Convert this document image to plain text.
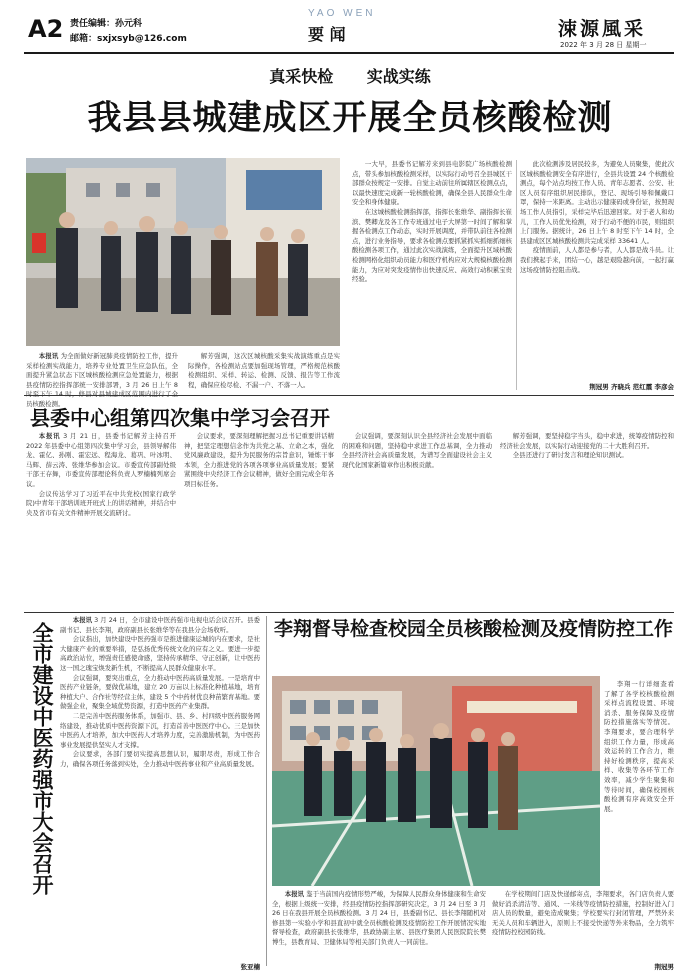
A2 责任编辑：孙元科
邮箱：sxjxsyb@126.com
YAO WEN
要 闻	涑源風采
2022 年 3 月 28 日 星期一
真采快检      实战实练
我县县城建成区开展全员核酸检测

本报讯 为全面做好新冠肺炎疫情防控工作，提升采样检测实战能力，培养专业处置卫生应急队伍，全面提升紧急状态下区城核酸检测应急处置能力，根据县疫情防控指挥部统一安排部署，3 月 26 日上午 8 员核酸检测。

解芳强调，这次区城核酸采集实战演练重点是实际操作，各检测站点要加强现场管理，严格规范核酸检测组织、采样、转运、检测、反馈、报告等工作流程，确保应检尽检、不漏一户、不落一人。

一大早，县委书记解芳来到县电影院广场核酸检测点，带头参加核酸检测采样，以实际行动号召全县城区干部群众按规定一安排。自觉主动前往所属辖区检测点点，以最快速度完成新一轮核酸检测，确保全县人民群众生命安全和身体健康。

在这城核酸检测指挥部，指挥长张维华、副指挥长崔滨、樊卿龙及各工作专班通过电子大屏第一时间了解和掌握各检测点工作动态，实时开展调度，并带队前往各检测点，进行业务指导，要求各检测点要抓紧抓实抓细抓细核酸检测各项工作，通过此次实战演练，全面提升区域核酸检测网格化组织动员能力和医疗机构应对大规模核酸检测能力，为应对突发疫情作出快速反应、高效行动积累宝贵经验。

此次检测涉及居民较多，为避免人员聚集，使此次区城核酸检测安全有序进行，全县共设置 24 个核酸检测点，每个站点均按工作人员、青年志愿者、公安、社区人员有序组织居民排队，登记、现场引导和佩戴口罩，保持一米距离。主动出示健康码或身份证，按照现场工作人员指引，采样完毕后迅速回家。对于老人和幼儿，工作人员优先检测，对于行动不便的市民，则组织上门服务。据统计，26 日上午 8 时至下午 14 时，全县建成区区城核酸检测共完成采样 33641 人。

疫情面前，人人都是参与者，人人都是战斗员。让我们携起手来，团结一心，越是艰险越向前，一起打赢这场疫情防控阻击战。

荆冠男 齐晓兵 范红霞 李彦会
县委中心组第四次集中学习会召开

本报讯 3 月 21 日，县委书记解芳主持召开 2022 年县委中心组第四次集中学习会，县领导解伟龙、霍亿、孙刚、霍宏远、程海龙、葛巩、叶冰明、马辉、薛云涛、张维华参加会议。市委宣传部副处级干部王存舞，市委宣传部理论科负责人罗楠楠列席会议。

会议传达学习了习近平在中共党校(国家行政学院)中青年干部培训班开班式上的讲话精神，并结合中央及省市有关文件精神开展交流研讨。

会议要求，要深刻理解把握习总书记重要讲话精神，把坚定理想信念作为共党之基、立命之本，强化党风廉政建设，提升为民服务的宗旨意识，锤炼干事本领，全力推进党的各项各项事业高质量发展；要紧紧围绕中央经济工作会议精神，做好全面完成全年各项目标任务。

会议强调，要深刻认识全县经济社会发展中面临的困难和问题，坚持稳中求进工作总基调，全力推动全县经济社会高质量发展，为谱写全面建设社会主义现代化国家新篇章作出积极贡献。

解芳强调，要坚持稳字当头，稳中求进，统筹疫情防控和经济社会发展，以实际行动迎接党的二十大胜利召开。

全县还进行了研讨发言和理论知识测试。

全市建设中医药强市大会召开

本报讯 3 月 24 日，全市建设中医药强市电视电话会议召开。县委副书记、县长李翔，政府副县长张维华等在我县分会场收听。

会议指出，加快建设中医药强市是推进健康运城的内在要求，是社大健康产业的重要举措，是弘扬优秀传统文化的应有之义。要进一步提高政治站位，增强责任感使命感，坚持传承精华、守正创新，让中医药这一国之瑰宝焕发新生机，不断提高人民群众健康水平。

会议强调，要突出重点，全力推动中医药高质量发展。一是培育中医药产业链条，要做优基地，建立 20 万亩以上标准化种植基地，培育种植大户、合作社等经营主体，建设 5 个中药材优良种苗繁育基地。要做强企业，聚集全域优势资源，打造中医药产业集群。

二是完善中医药服务体系，加强市、县、乡、村四级中医药服务网络建设，推动优质中医药资源下沉，打造首善中医医疗中心。三是加快中医药人才培养，加大中医药人才培养力度，完善激励机制，为中医药事业发展提供坚实人才支撑。

会议要求，各部门要切实提高思想认识，履职尽责，形成工作合力，确保各项任务落到实处，全力推动中医药事业和产业高质量发展。

张亚楠
李翔督导检查校园全员核酸检测及疫情防控工作

李翔一行详细查看了解了各学校核酸检测采样点流程设置、环境消杀、服务保障及疫情防控措施落实等情况。李翔要求，要合理科学组织工作力量，形成高效运转的工作合力，维持好检测秩序，提高采样、收集等各环节工作效率，减少学生聚集和等待时间，确保校园核酸检测有序高效安全开展。

本报讯 鉴于当前国内疫情形势严峻，为保障人民群众身体健康和生命安全，根据上级统一安排，经县疫情防控指挥部研究决定，3 月 24 日至 3 月 26 日在我县开展全员核酸检测。3 月 24 日，县委副书记、县长李翔随机对修县第一实验小学和县直初中就全员核酸检测及疫情防控工作开展情况实地督导检查，政府副县长张维华，县政协副主席、县医疗集团人民医院院长樊博生，县教育局、卫健体局等相关部门负责人一同前往。

在学校期间门店及快递邮寄点，李翔要求，各门店负责人要做好消杀清洁等、通风、一米线等疫情防控措施，控制好进入门店人员的数量，避免造成聚集；学校要实行封闭管理，严禁外来无关人员和车辆进入，原则上不接受快递等外来物品，全力筑牢疫情防控校园防线。

荆冠男
